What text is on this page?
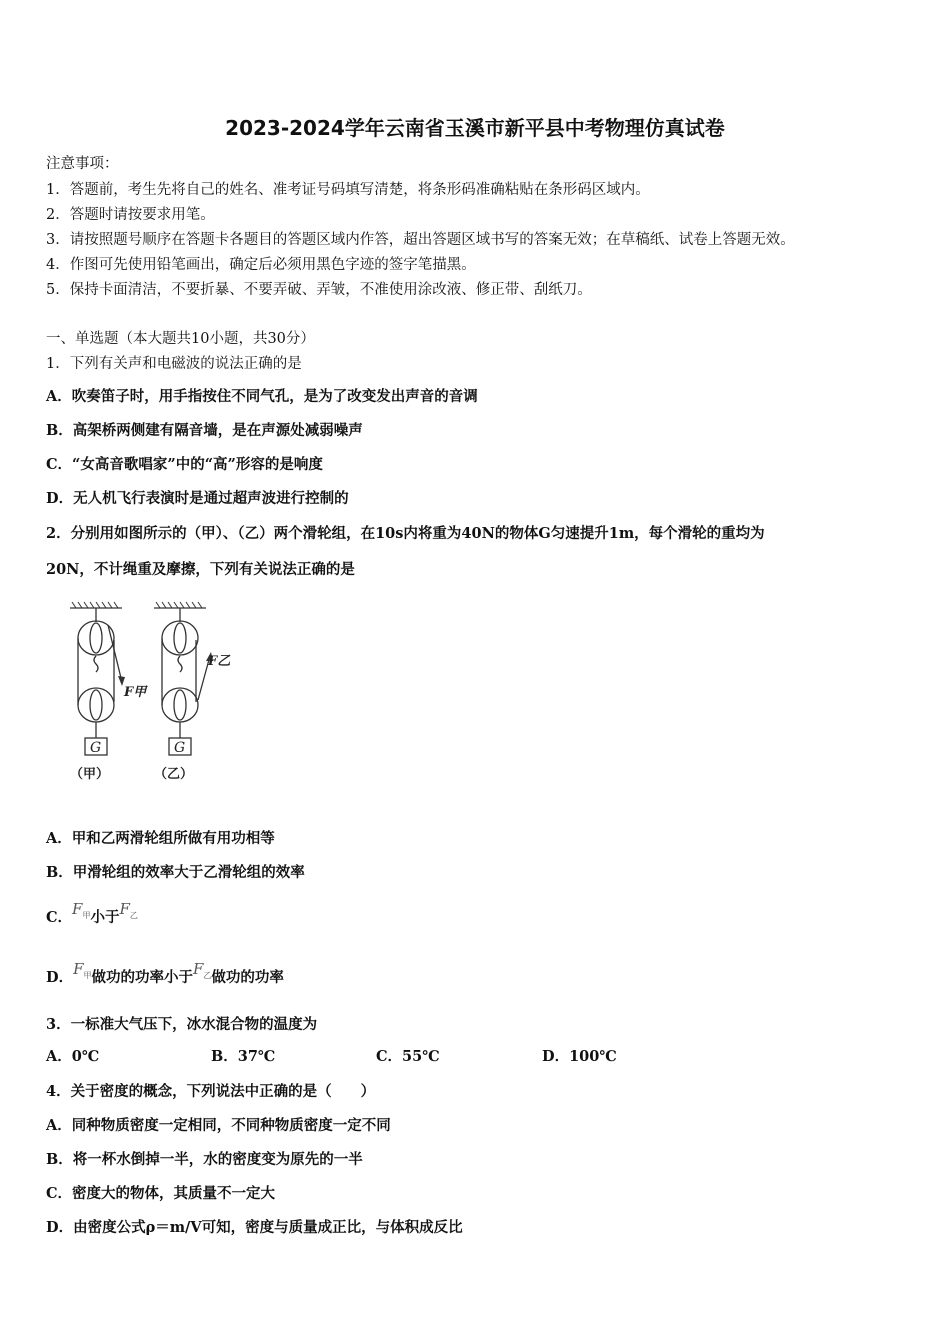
2023-2024学年云南省玉溪市新平县中考物理仿真试卷
注意事项：
1．答题前，考生先将自己的姓名、准考证号码填写清楚，将条形码准确粘贴在条形码区域内。
2．答题时请按要求用笔。
3．请按照题号顺序在答题卡各题目的答题区域内作答，超出答题区域书写的答案无效；在草稿纸、试卷上答题无效。
4．作图可先使用铅笔画出，确定后必须用黑色字迹的签字笔描黑。
5．保持卡面清洁，不要折暴、不要弄破、弄皱，不准使用涂改液、修正带、刮纸刀。
一、单选题（本大题共10小题，共30分）
1．下列有关声和电磁波的说法正确的是
A．吹奏笛子时，用手指按住不同气孔，是为了改变发出声音的音调
B．高架桥两侧建有隔音墙，是在声源处减弱噪声
C．“女高音歌唱家”中的“高”形容的是响度
D．无人机飞行表演时是通过超声波进行控制的
2．分别用如图所示的（甲）、（乙）两个滑轮组，在10s内将重为40N的物体G匀速提升1m，每个滑轮的重均为
20N，不计绳重及摩擦，下列有关说法正确的是
F甲
F乙
G	G
（甲）	（乙）
A．甲和乙两滑轮组所做有用功相等
B．甲滑轮组的效率大于乙滑轮组的效率
C．$F_甲$小于$F_乙$
D．$F_甲$做功的功率小于$F_乙$做功的功率
3．一标准大气压下，冰水混合物的温度为
A．0℃	B．37℃	C．55℃	D．100℃
4．关于密度的概念，下列说法中正确的是（　　）
A．同种物质密度一定相同，不同种物质密度一定不同
B．将一杯水倒掉一半，水的密度变为原先的一半
C．密度大的物体，其质量不一定大
D．由密度公式ρ＝m/V可知，密度与质量成正比，与体积成反比
